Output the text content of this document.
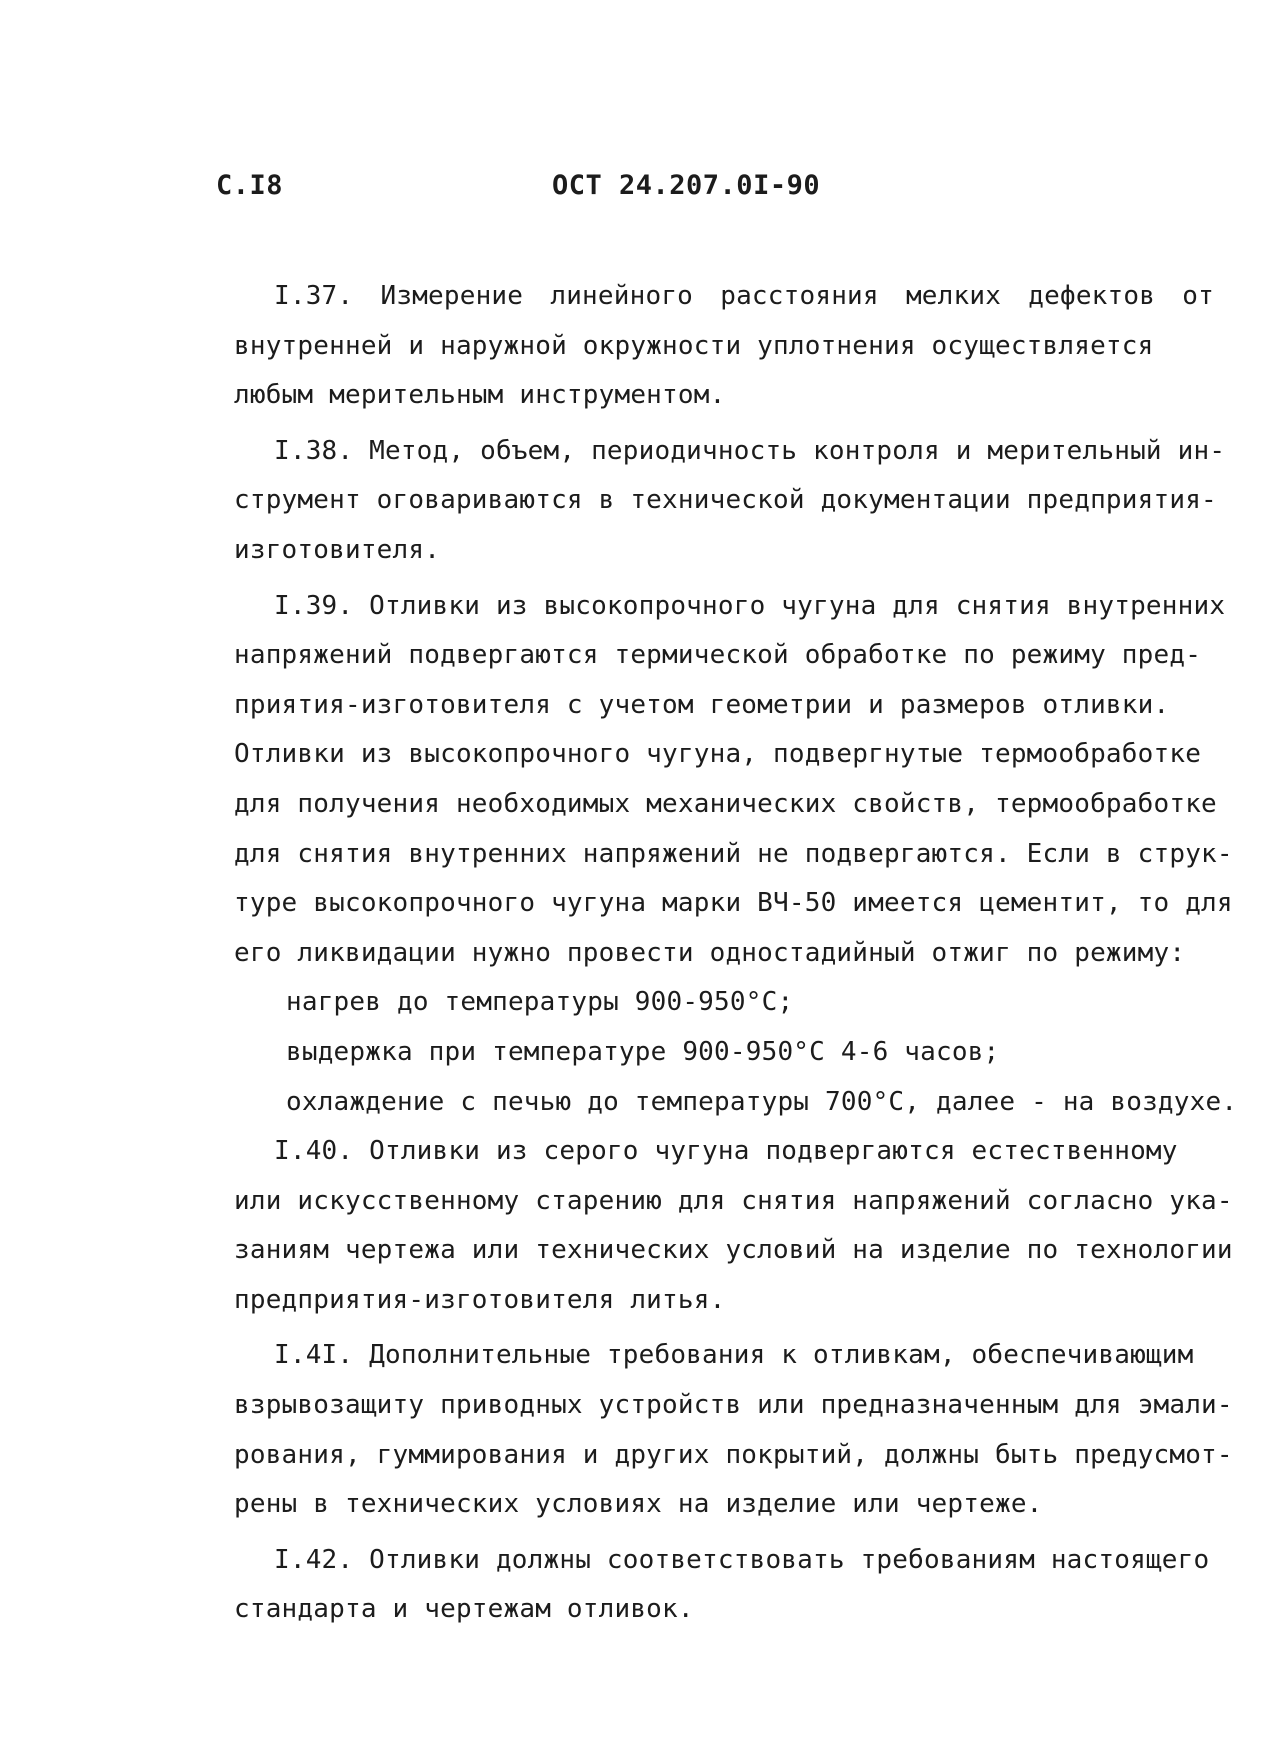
С.I8	ОСТ 24.207.0I-90
I.37. Измерение линейного расстояния мелких дефектов от
внутренней и наружной окружности уплотнения осуществляется
любым мерительным инструментом.
I.38. Метод, объем, периодичность контроля и мерительный ин-
струмент оговариваются в технической документации предприятия-
изготовителя.
I.39. Отливки из высокопрочного чугуна для снятия внутренних
напряжений подвергаются термической обработке по режиму пред-
приятия-изготовителя с учетом геометрии и размеров отливки.
Отливки из высокопрочного чугуна, подвергнутые термообработке
для получения необходимых механических свойств, термообработке
для снятия внутренних напряжений не подвергаются. Если в струк-
туре высокопрочного чугуна марки ВЧ-50 имеется цементит, то для
его ликвидации нужно провести одностадийный отжиг по режиму:
нагрев до температуры 900-950°С;
выдержка при температуре 900-950°С 4-6 часов;
охлаждение с печью до температуры 700°С, далее - на воздухе.
I.40. Отливки из серого чугуна подвергаются естественному
или искусственному старению для снятия напряжений согласно ука-
заниям чертежа или технических условий на изделие по технологии
предприятия-изготовителя литья.
I.4I. Дополнительные требования к отливкам, обеспечивающим
взрывозащиту приводных устройств или предназначенным для эмали-
рования, гуммирования и других покрытий, должны быть предусмот-
рены в технических условиях на изделие или чертеже.
I.42. Отливки должны соответствовать требованиям настоящего
стандарта и чертежам отливок.
